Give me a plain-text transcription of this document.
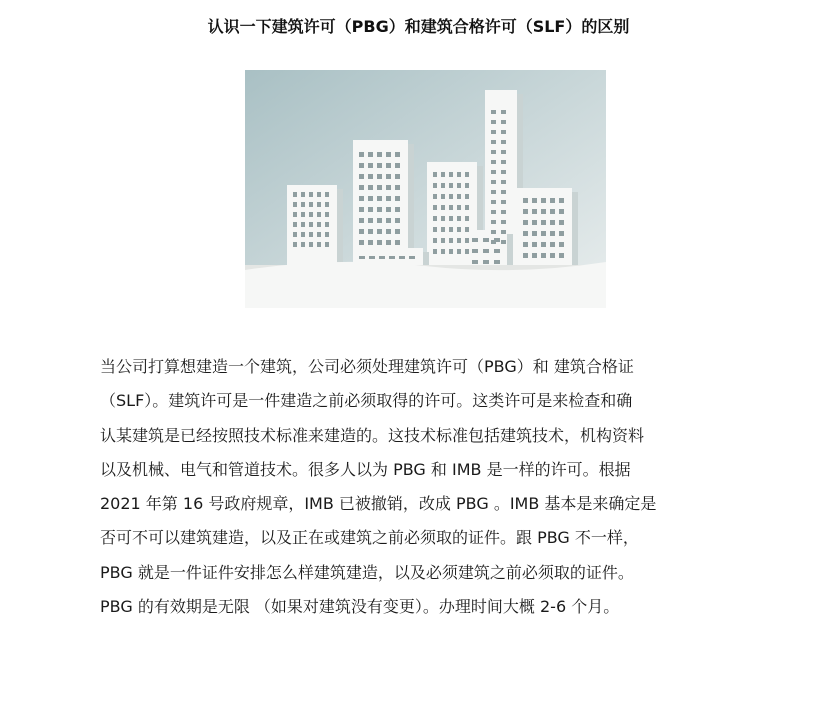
认识一下建筑许可（PBG）和建筑合格许可（SLF）的区别

当公司打算想建造一个建筑，公司必须处理建筑许可（PBG）和 建筑合格证

（SLF）。建筑许可是一件建造之前必须取得的许可。这类许可是来检查和确

认某建筑是已经按照技术标准来建造的。这技术标准包括建筑技术，机构资料

以及机械、电气和管道技术。很多人以为 PBG 和 IMB 是一样的许可。根据

2021 年第 16 号政府规章，IMB 已被撤销，改成 PBG 。IMB 基本是来确定是

否可不可以建筑建造，以及正在或建筑之前必须取的证件。跟 PBG 不一样，

PBG 就是一件证件安排怎么样建筑建造，以及必须建筑之前必须取的证件。

PBG 的有效期是无限 （如果对建筑没有变更）。办理时间大概 2-6 个月。
